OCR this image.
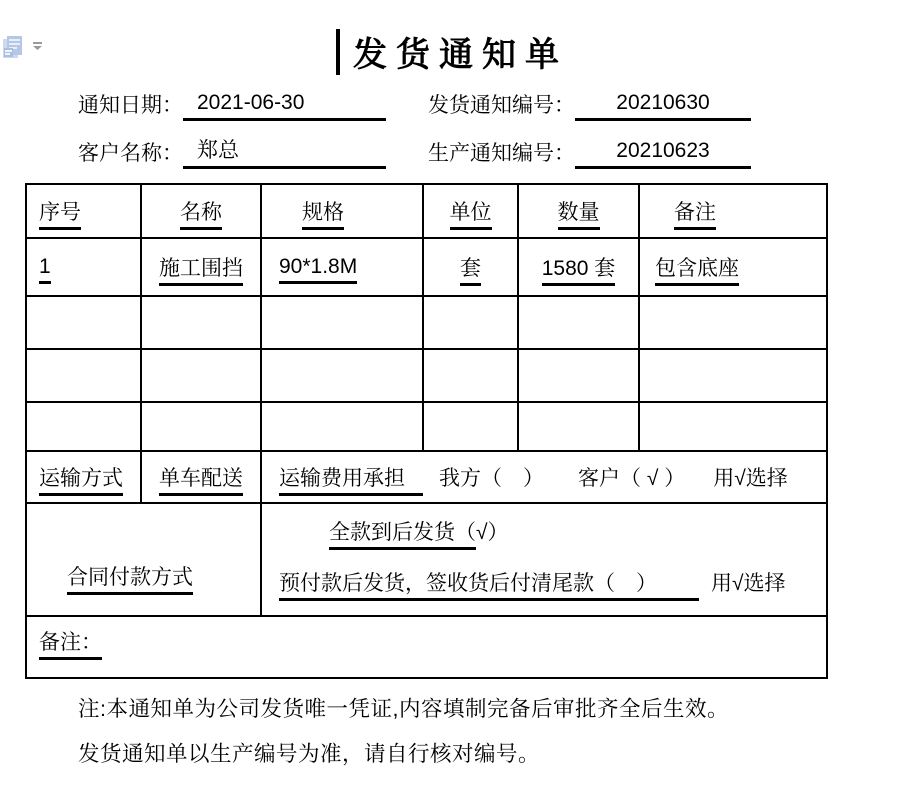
发货通知单
通知日期： 2021-06-30	发货通知编号：	20210630
客户名称： 郑总	生产通知编号：	20210623
序号	名称	规格	单位	数量	备注
1	施工围挡	90*1.8M	套	1580 套	包含底座

运输方式	单车配送	运输费用承担 我方（　） 客户（ √ ） 用√选择			
合同付款方式		全款到后发货（√）
预付款后发货，签收货后付清尾款（　） 用√选择			

备注：					
注:本通知单为公司发货唯一凭证,内容填制完备后审批齐全后生效。
发货通知单以生产编号为准，请自行核对编号。
